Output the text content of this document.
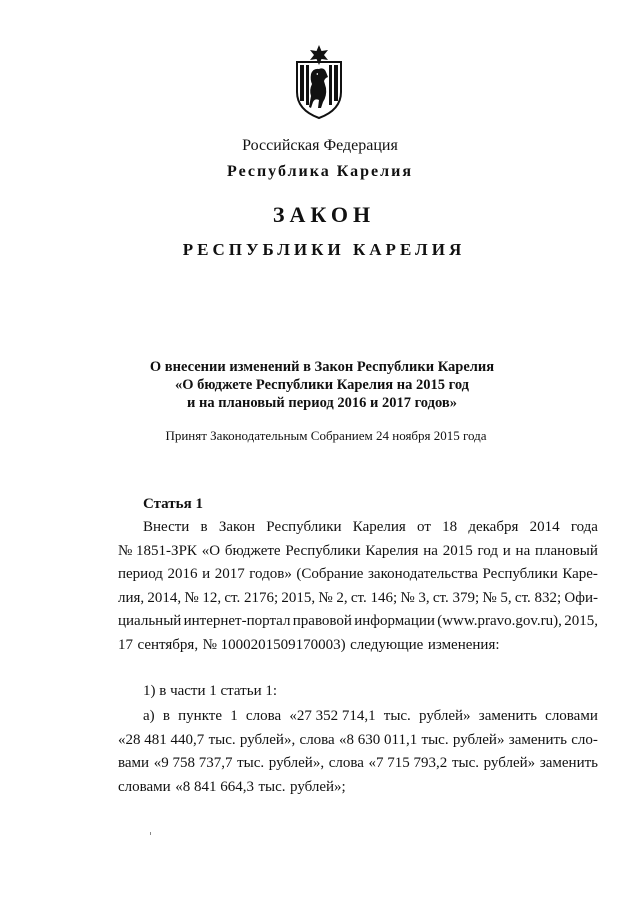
Российская Федерация
Республика Карелия
ЗАКОН
РЕСПУБЛИКИ КАРЕЛИЯ
О внесении изменений в Закон Республики Карелия
«О бюджете Республики Карелия на 2015 год
и на плановый период 2016 и 2017 годов»
Принят Законодательным Собранием 24 ноября 2015 года
Статья 1
Внести в Закон Республики Карелия от 18 декабря 2014 года
№ 1851-ЗРК «О бюджете Республики Карелия на 2015 год и на плановый
период 2016 и 2017 годов» (Собрание законодательства Республики Каре-
лия, 2014, № 12, ст. 2176; 2015, № 2, ст. 146; № 3, ст. 379; № 5, ст. 832; Офи-
циальный интернет-портал правовой информации (www.pravo.gov.ru), 2015,
17 сентября, № 1000201509170003) следующие изменения:
1) в части 1 статьи 1:
а) в пункте 1 слова «27 352 714,1 тыс. рублей» заменить словами
«28 481 440,7 тыс. рублей», слова «8 630 011,1 тыс. рублей» заменить сло-
вами «9 758 737,7 тыс. рублей», слова «7 715 793,2 тыс. рублей» заменить
словами «8 841 664,3 тыс. рублей»;
